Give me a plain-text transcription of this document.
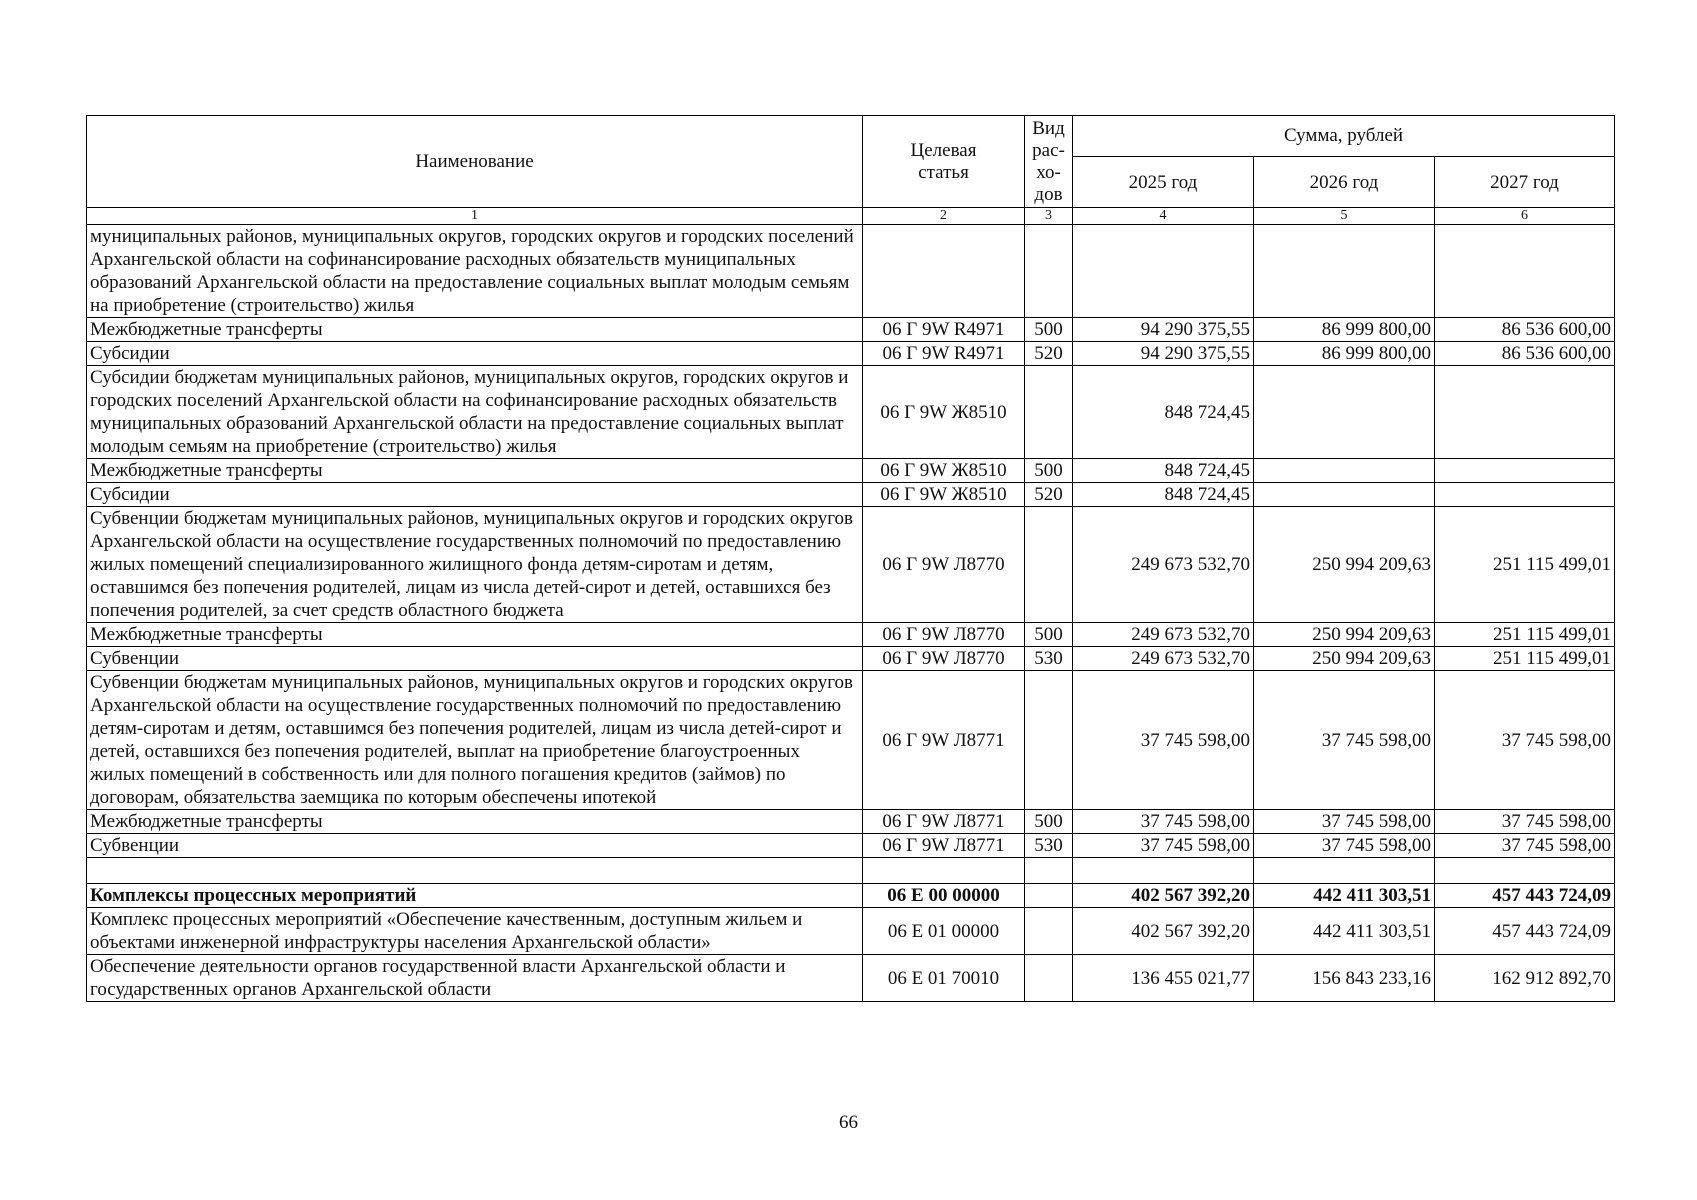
Наименование	Целевая статья	Вид рас-хо-дов	Сумма, рублей		
			2025 год	2026 год	2027 год
1	2	3	4	5	6
муниципальных районов, муниципальных округов, городских округов и городских поселений Архангельской области на софинансирование расходных обязательств муниципальных образований Архангельской области на предоставление социальных выплат молодым семьям на приобретение (строительство) жилья					
Межбюджетные трансферты	06 Г 9W R4971	500	94 290 375,55	86 999 800,00	86 536 600,00
Субсидии	06 Г 9W R4971	520	94 290 375,55	86 999 800,00	86 536 600,00
Субсидии бюджетам муниципальных районов, муниципальных округов, городских округов и городских поселений Архангельской области на софинансирование расходных обязательств муниципальных образований Архангельской области на предоставление социальных выплат молодым семьям на приобретение (строительство) жилья	06 Г 9W Ж8510		848 724,45		
Межбюджетные трансферты	06 Г 9W Ж8510	500	848 724,45		
Субсидии	06 Г 9W Ж8510	520	848 724,45		
Субвенции бюджетам муниципальных районов, муниципальных округов и городских округов Архангельской области на осуществление государственных полномочий по предоставлению жилых помещений специализированного жилищного фонда детям-сиротам и детям, оставшимся без попечения родителей, лицам из числа детей-сирот и детей, оставшихся без попечения родителей, за счет средств областного бюджета	06 Г 9W Л8770		249 673 532,70	250 994 209,63	251 115 499,01
Межбюджетные трансферты	06 Г 9W Л8770	500	249 673 532,70	250 994 209,63	251 115 499,01
Субвенции	06 Г 9W Л8770	530	249 673 532,70	250 994 209,63	251 115 499,01
Субвенции бюджетам муниципальных районов, муниципальных округов и городских округов Архангельской области на осуществление государственных полномочий по предоставлению детям-сиротам и детям, оставшимся без попечения родителей, лицам из числа детей-сирот и детей, оставшихся без попечения родителей, выплат на приобретение благоустроенных жилых помещений в собственность или для полного погашения кредитов (займов) по договорам, обязательства заемщика по которым обеспечены ипотекой	06 Г 9W Л8771		37 745 598,00	37 745 598,00	37 745 598,00
Межбюджетные трансферты	06 Г 9W Л8771	500	37 745 598,00	37 745 598,00	37 745 598,00
Субвенции	06 Г 9W Л8771	530	37 745 598,00	37 745 598,00	37 745 598,00

Комплексы процессных мероприятий	06 Е 00 00000		402 567 392,20	442 411 303,51	457 443 724,09
Комплекс процессных мероприятий «Обеспечение качественным, доступным жильем и объектами инженерной инфраструктуры населения Архангельской области»	06 Е 01 00000		402 567 392,20	442 411 303,51	457 443 724,09
Обеспечение деятельности органов государственной власти Архангельской области и государственных органов Архангельской области	06 Е 01 70010		136 455 021,77	156 843 233,16	162 912 892,70
66
